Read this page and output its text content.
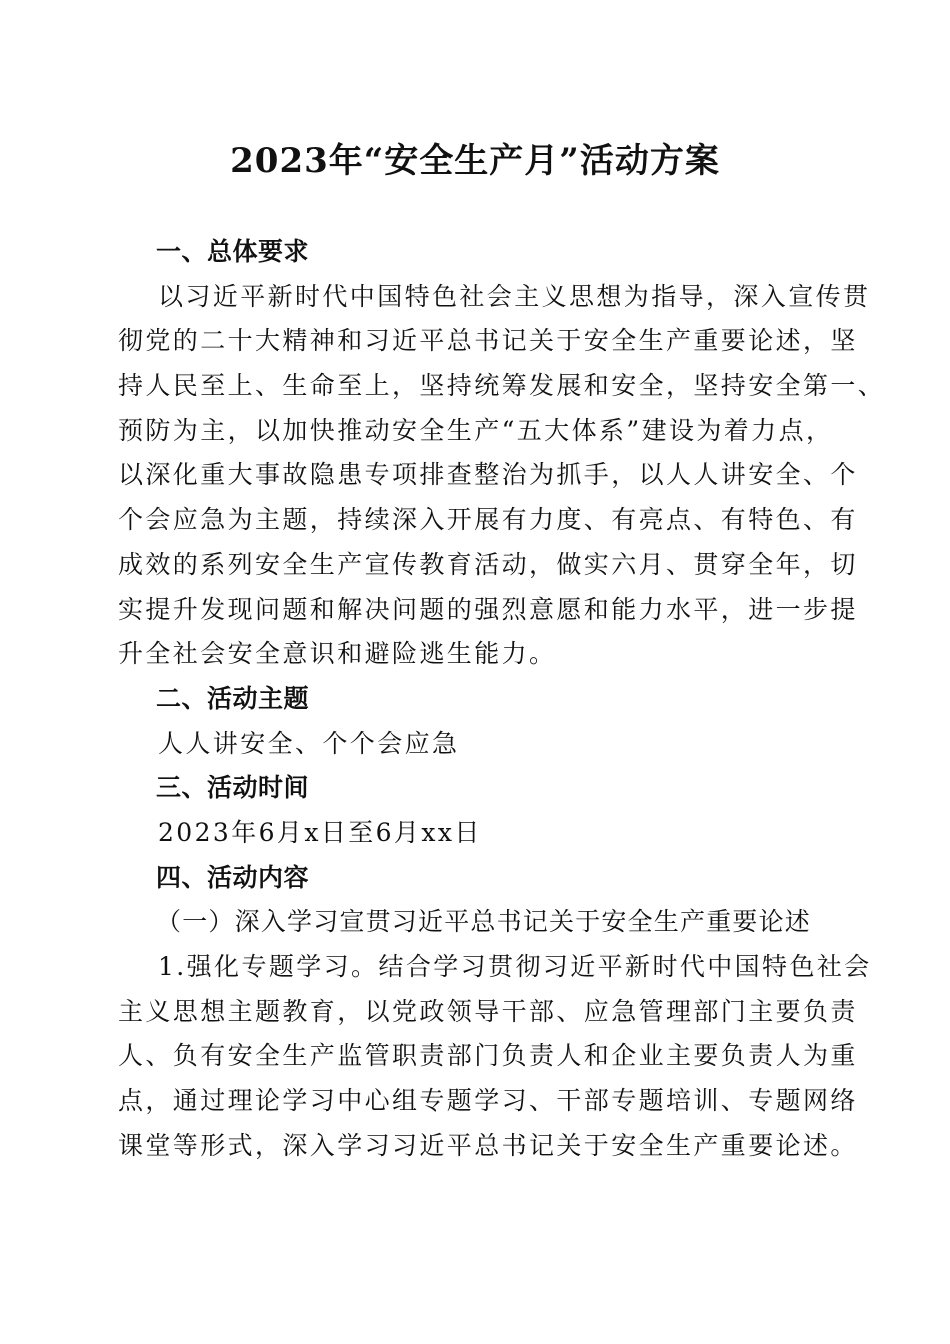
2023年“安全生产月”活动方案
一、总体要求
以习近平新时代中国特色社会主义思想为指导，深入宣传贯
彻党的二十大精神和习近平总书记关于安全生产重要论述，坚
持人民至上、生命至上，坚持统筹发展和安全，坚持安全第一、
预防为主，以加快推动安全生产“五大体系”建设为着力点，
以深化重大事故隐患专项排查整治为抓手，以人人讲安全、个
个会应急为主题，持续深入开展有力度、有亮点、有特色、有
成效的系列安全生产宣传教育活动，做实六月、贯穿全年，切
实提升发现问题和解决问题的强烈意愿和能力水平，进一步提
升全社会安全意识和避险逃生能力。
二、活动主题
人人讲安全、个个会应急
三、活动时间
2023年6月x日至6月xx日
四、活动内容
（一）深入学习宣贯习近平总书记关于安全生产重要论述
1.强化专题学习。结合学习贯彻习近平新时代中国特色社会
主义思想主题教育，以党政领导干部、应急管理部门主要负责
人、负有安全生产监管职责部门负责人和企业主要负责人为重
点，通过理论学习中心组专题学习、干部专题培训、专题网络
课堂等形式，深入学习习近平总书记关于安全生产重要论述。
